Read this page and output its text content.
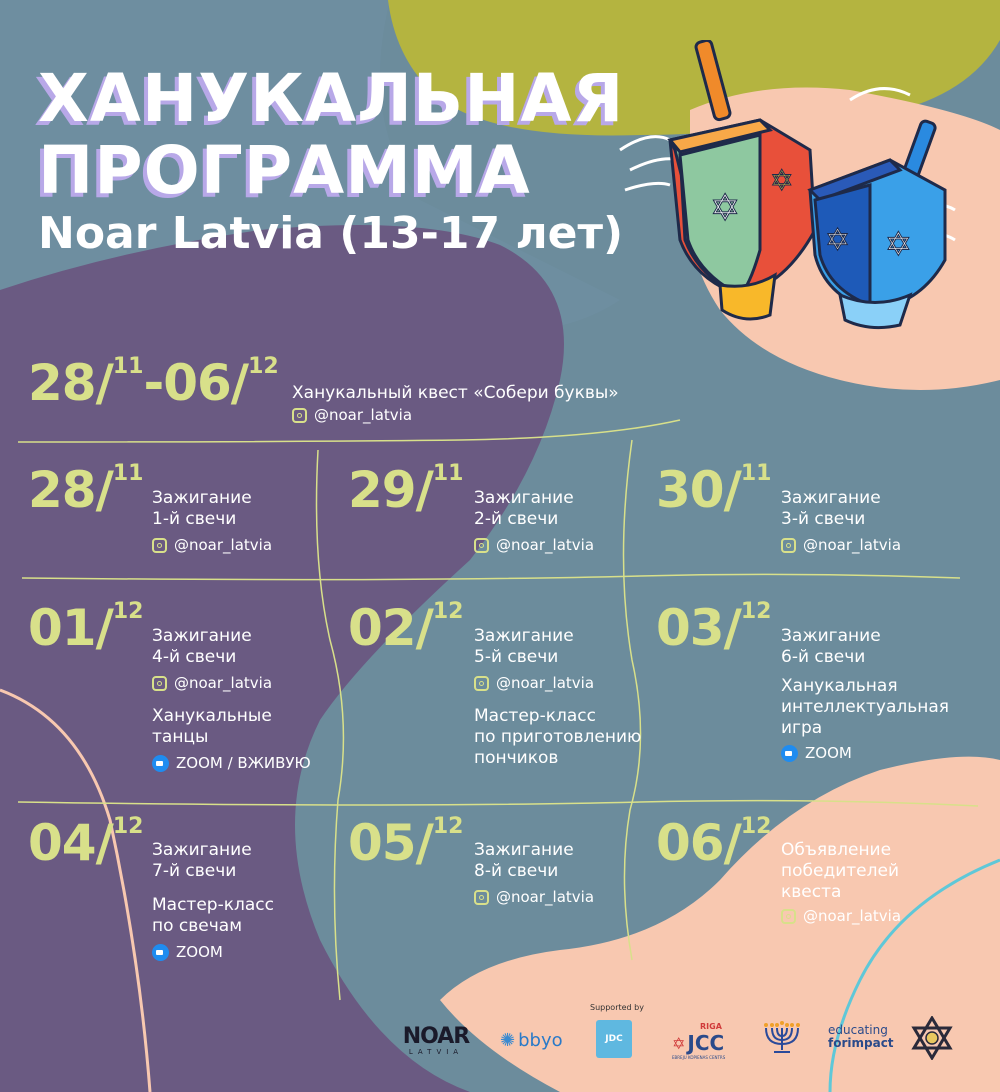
✡
✡
✡ ✡
ХАНУКАЛЬНАЯ
ПРОГРАММА
Noar Latvia (13-17 лет)
28/$^{11}$-06/$^{12}$
Ханукальный квест «Собери буквы»
@noar_latvia
28/$^{11}$
Зажигание
1-й свечи
@noar_latvia
29/$^{11}$
Зажигание
2-й свечи
@noar_latvia
30/$^{11}$
Зажигание
3-й свечи
@noar_latvia
01/$^{12}$
Зажигание
4-й свечи
@noar_latvia
Ханукальные
танцы
ZOOM / ВЖИВУЮ
02/$^{12}$
Зажигание
5-й свечи
@noar_latvia
Мастер-класс
по приготовлению
пончиков
03/$^{12}$
Зажигание
6-й свечи
Ханукальная
интеллектуальная
игра
ZOOM
04/$^{12}$
Зажигание
7-й свечи
Мастер-класс
по свечам
ZOOM
05/$^{12}$
Зажигание
8-й свечи
@noar_latvia
06/$^{12}$
Объявление
победителей
квеста
@noar_latvia
Supported by
NOAR
LATVIA
✺ bbyo	JDC
RIGA
✡ JCC
EBREJU KOPIENAS CENTRS
educating
forimpact
